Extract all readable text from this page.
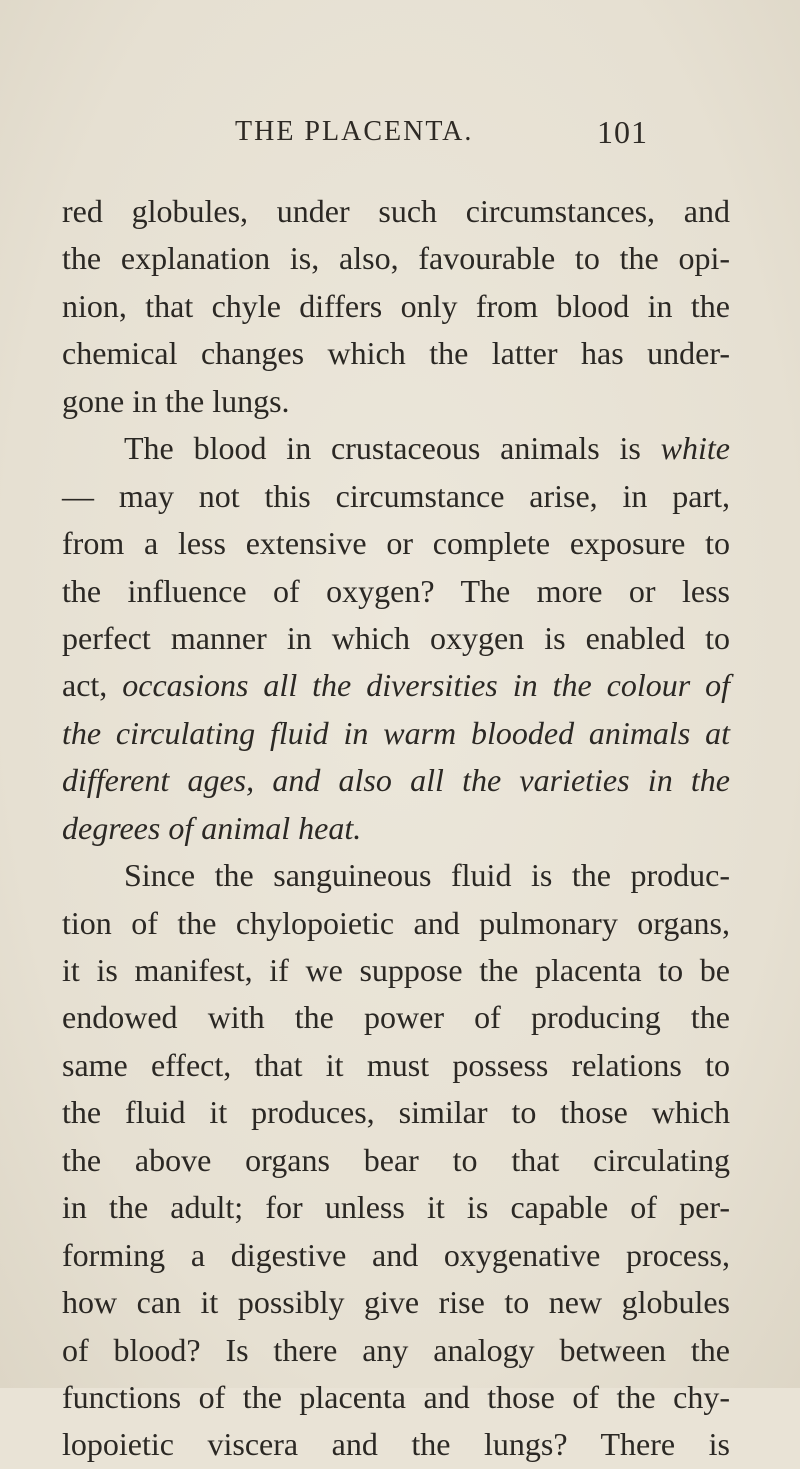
THE PLACENTA.	101
red globules, under such circumstances, and
the explanation is, also, favourable to the opi-
nion, that chyle differs only from blood in the
chemical changes which the latter has under-
gone in the lungs.
The blood in crustaceous animals is white
— may not this circumstance arise, in part,
from a less extensive or complete exposure to
the influence of oxygen? The more or less
perfect manner in which oxygen is enabled to
act, occasions all the diversities in the colour of
the circulating fluid in warm blooded animals at
different ages, and also all the varieties in the
degrees of animal heat.
Since the sanguineous fluid is the produc-
tion of the chylopoietic and pulmonary organs,
it is manifest, if we suppose the placenta to be
endowed with the power of producing the
same effect, that it must possess relations to
the fluid it produces, similar to those which
the above organs bear to that circulating
in the adult; for unless it is capable of per-
forming a digestive and oxygenative process,
how can it possibly give rise to new globules
of blood? Is there any analogy between the
functions of the placenta and those of the chy-
lopoietic viscera and the lungs? There is
